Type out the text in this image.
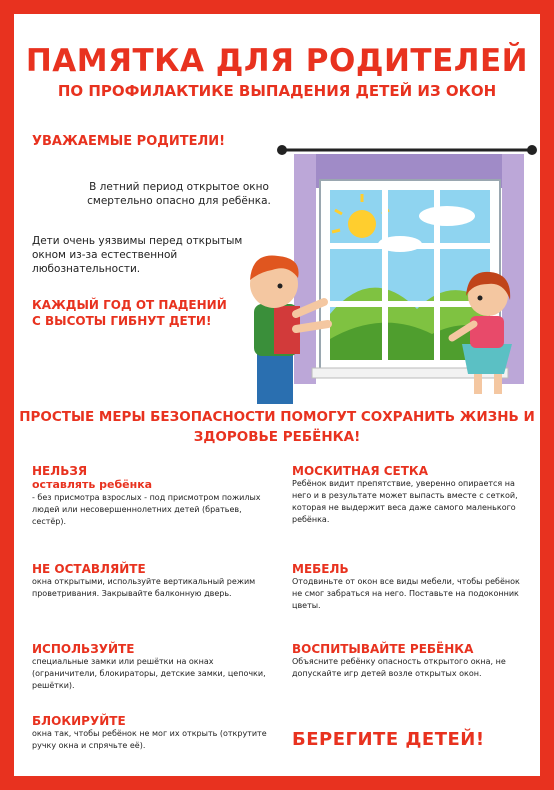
ПАМЯТКА ДЛЯ РОДИТЕЛЕЙ
ПО ПРОФИЛАКТИКЕ ВЫПАДЕНИЯ ДЕТЕЙ ИЗ ОКОН
УВАЖАЕМЫЕ РОДИТЕЛИ!
В летний период открытое окно смертельно опасно для ребёнка.
Дети очень уязвимы перед открытым окном из-за естественной любознательности.
КАЖДЫЙ ГОД ОТ ПАДЕНИЙ С ВЫСОТЫ ГИБНУТ ДЕТИ!
ПРОСТЫЕ МЕРЫ БЕЗОПАСНОСТИ ПОМОГУТ СОХРАНИТЬ ЖИЗНЬ И ЗДОРОВЬЕ РЕБЁНКА!
НЕЛЬЗЯ
оставлять ребёнка
- без присмотра взрослых - под присмотром пожилых людей или несовершеннолетних детей (братьев, сестёр).
НЕ ОСТАВЛЯЙТЕ
окна открытыми, используйте вертикальный режим проветривания. Закрывайте балконную дверь.
ИСПОЛЬЗУЙТЕ
специальные замки или решётки на окнах (ограничители, блокираторы, детские замки, цепочки, решётки).
БЛОКИРУЙТЕ
окна так, чтобы ребёнок не мог их открыть (открутите ручку окна и спрячьте её).
МОСКИТНАЯ СЕТКА
Ребёнок видит препятствие, уверенно опирается на него и в результате может выпасть вместе с сеткой, которая не выдержит веса даже самого маленького ребёнка.
МЕБЕЛЬ
Отодвиньте от окон все виды мебели, чтобы ребёнок не смог забраться на него. Поставьте на подоконник цветы.
ВОСПИТЫВАЙТЕ РЕБЁНКА
Объясните ребёнку опасность открытого окна, не допускайте игр детей возле открытых окон.
БЕРЕГИТЕ ДЕТЕЙ!
